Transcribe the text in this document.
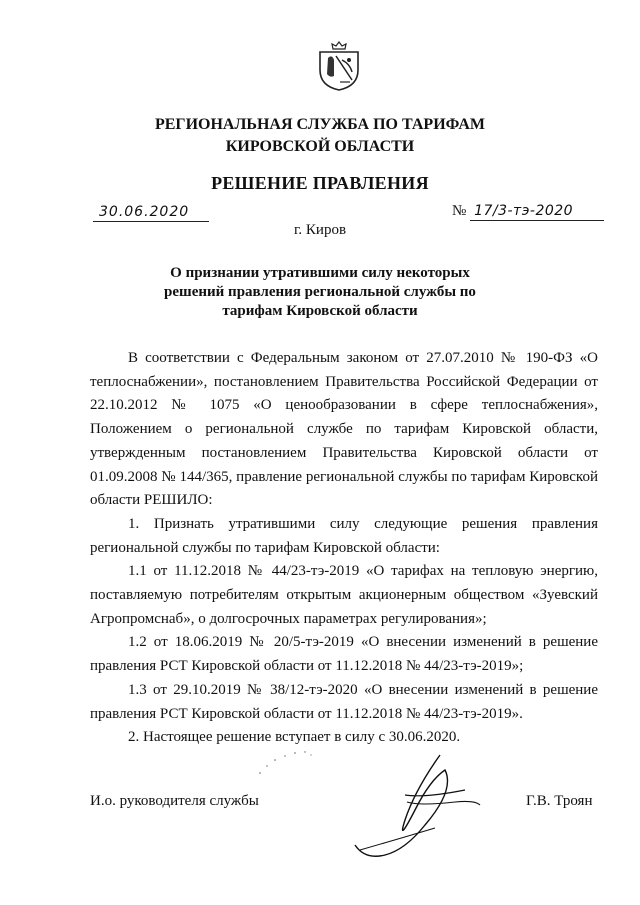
РЕГИОНАЛЬНАЯ СЛУЖБА ПО ТАРИФАМ
КИРОВСКОЙ ОБЛАСТИ
РЕШЕНИЕ ПРАВЛЕНИЯ
30.06.2020	№ 17/3-тэ-2020
г. Киров
О признании утратившими силу некоторых
решений правления региональной службы по
тарифам Кировской области

В соответствии с Федеральным законом от 27.07.2010 № 190-ФЗ «О теплоснабжении», постановлением Правительства Российской Федерации от 22.10.2012 № 1075 «О ценообразовании в сфере теплоснабжения», Положением о региональной службе по тарифам Кировской области, утвержденным постановлением Правительства Кировской области от 01.09.2008 № 144/365, правление региональной службы по тарифам Кировской области РЕШИЛО:

1. Признать утратившими силу следующие решения правления региональной службы по тарифам Кировской области:

1.1 от 11.12.2018 № 44/23-тэ-2019 «О тарифах на тепловую энергию, поставляемую потребителям открытым акционерным обществом «Зуевский Агропромснаб», о долгосрочных параметрах регулирования»;

1.2 от 18.06.2019 № 20/5-тэ-2019 «О внесении изменений в решение правления РСТ Кировской области от 11.12.2018 № 44/23-тэ-2019»;

1.3 от 29.10.2019 № 38/12-тэ-2020 «О внесении изменений в решение правления РСТ Кировской области от 11.12.2018 № 44/23-тэ-2019».

2. Настоящее решение вступает в силу с 30.06.2020.

И.о. руководителя службы	Г.В. Троян
